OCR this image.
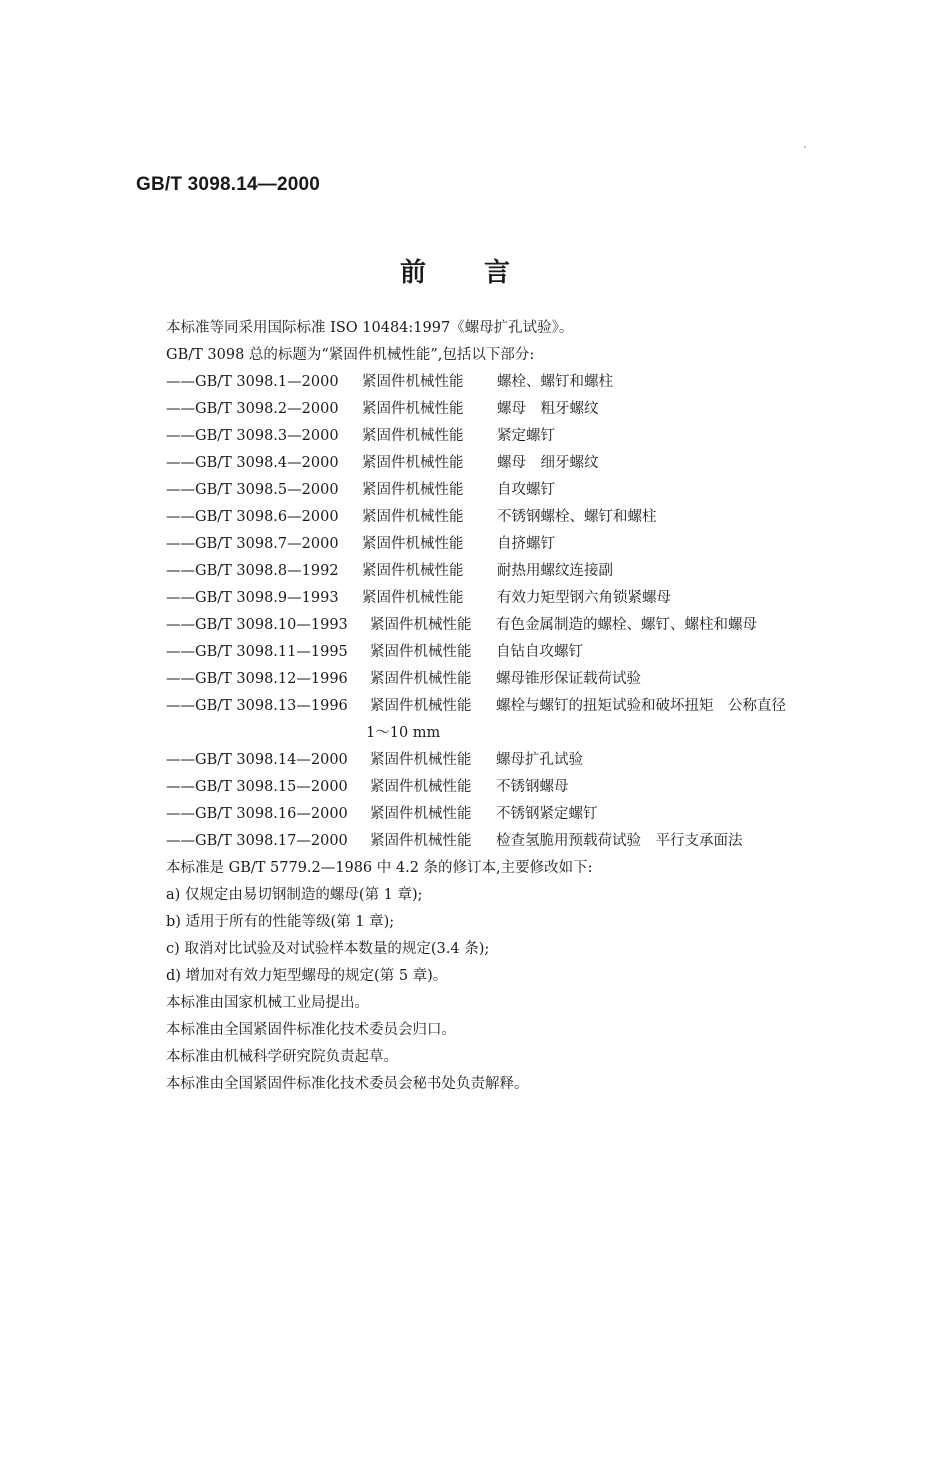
GB/T 3098.14—2000
前言
本标准等同采用国际标准 ISO 10484:1997《螺母扩孔试验》。
GB/T 3098 总的标题为“紧固件机械性能”,包括以下部分:
——GB/T 3098.1—2000	紧固件机械性能	螺栓、螺钉和螺柱
——GB/T 3098.2—2000	紧固件机械性能	螺母　粗牙螺纹
——GB/T 3098.3—2000	紧固件机械性能	紧定螺钉
——GB/T 3098.4—2000	紧固件机械性能	螺母　细牙螺纹
——GB/T 3098.5—2000	紧固件机械性能	自攻螺钉
——GB/T 3098.6—2000	紧固件机械性能	不锈钢螺栓、螺钉和螺柱
——GB/T 3098.7—2000	紧固件机械性能	自挤螺钉
——GB/T 3098.8—1992	紧固件机械性能	耐热用螺纹连接副
——GB/T 3098.9—1993	紧固件机械性能	有效力矩型钢六角锁紧螺母
——GB/T 3098.10—1993	紧固件机械性能	有色金属制造的螺栓、螺钉、螺柱和螺母
——GB/T 3098.11—1995	紧固件机械性能	自钻自攻螺钉
——GB/T 3098.12—1996	紧固件机械性能	螺母锥形保证载荷试验
——GB/T 3098.13—1996	紧固件机械性能	螺栓与螺钉的扭矩试验和破坏扭矩　公称直径
1～10 mm
——GB/T 3098.14—2000	紧固件机械性能	螺母扩孔试验
——GB/T 3098.15—2000	紧固件机械性能	不锈钢螺母
——GB/T 3098.16—2000	紧固件机械性能	不锈钢紧定螺钉
——GB/T 3098.17—2000	紧固件机械性能	检查氢脆用预载荷试验　平行支承面法
本标准是 GB/T 5779.2—1986 中 4.2 条的修订本,主要修改如下:
a) 仅规定由易切钢制造的螺母(第 1 章);
b) 适用于所有的性能等级(第 1 章);
c) 取消对比试验及对试验样本数量的规定(3.4 条);
d) 增加对有效力矩型螺母的规定(第 5 章)。
本标准由国家机械工业局提出。
本标准由全国紧固件标准化技术委员会归口。
本标准由机械科学研究院负责起草。
本标准由全国紧固件标准化技术委员会秘书处负责解释。
